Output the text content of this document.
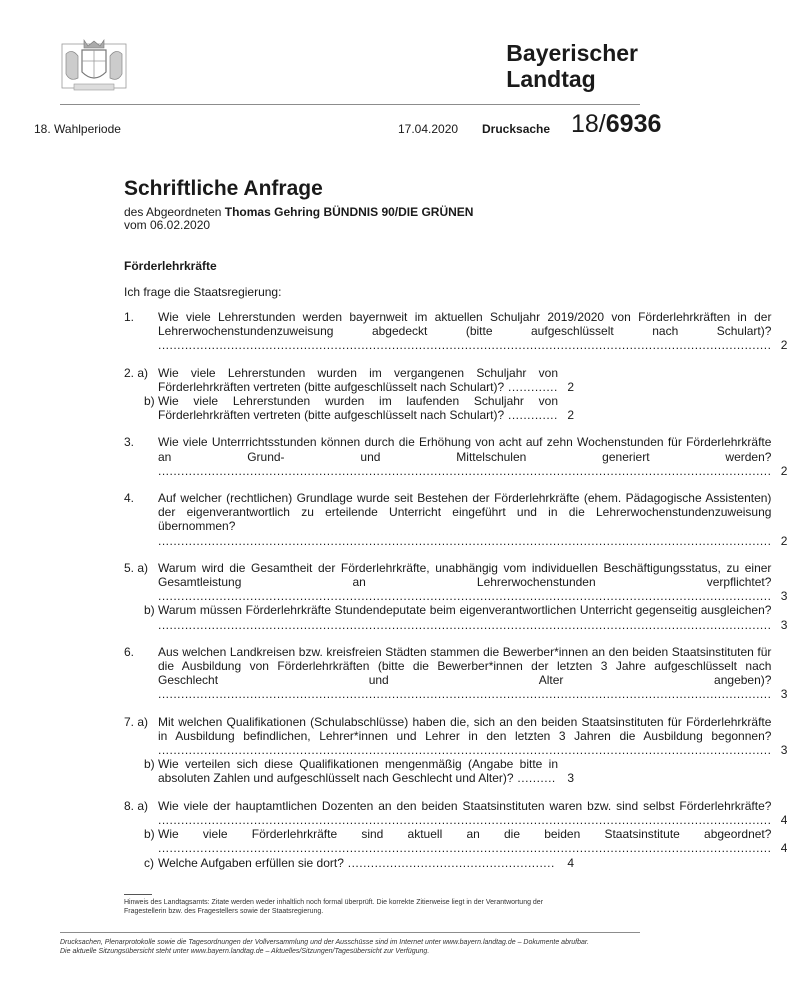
Bayerischer
Landtag
18. Wahlperiode	17.04.2020 Drucksache 18/6936
Schriftliche Anfrage
des Abgeordneten Thomas Gehring BÜNDNIS 90/DIE GRÜNEN
vom 06.02.2020
Förderlehrkräfte
Ich frage die Staatsregierung:
1.	Wie viele Lehrerstunden werden bayernweit im aktuellen Schuljahr 2019/2020 von Förderlehrkräften in der Lehrerwochenstundenzuweisung abgedeckt (bitte aufgeschlüsselt nach Schulart)? ................................................................................................................................................................ 2
2. a) Wie viele Lehrerstunden wurden im vergangenen Schuljahr von Förderlehrkräften vertreten (bitte aufgeschlüsselt nach Schulart)? ............. 2
b) Wie viele Lehrerstunden wurden im laufenden Schuljahr von Förderlehrkräften vertreten (bitte aufgeschlüsselt nach Schulart)? ............. 2
3.	Wie viele Unterrrichtsstunden können durch die Erhöhung von acht auf zehn Wochenstunden für Förderlehrkräfte an Grund- und Mittelschulen generiert werden? ................................................................................................................................................................ 2
4.	Auf welcher (rechtlichen) Grundlage wurde seit Bestehen der Förderlehrkräfte (ehem. Pädagogische Assistenten) der eigenverantwortlich zu erteilende Unterricht eingeführt und in die Lehrerwochenstundenzuweisung übernommen? ................................................................................................................................................................ 2
5. a) Warum wird die Gesamtheit der Förderlehrkräfte, unabhängig vom individuellen Beschäftigungsstatus, zu einer Gesamtleistung an Lehrerwochenstunden verpflichtet? ................................................................................................................................................................ 3
b) Warum müssen Förderlehrkräfte Stundendeputate beim eigenverantwortlichen Unterricht gegenseitig ausgleichen? ................................................................................................................................................................ 3
6.	Aus welchen Landkreisen bzw. kreisfreien Städten stammen die Bewerber*innen an den beiden Staatsinstituten für die Ausbildung von Förderlehrkräften (bitte die Bewerber*innen der letzten 3 Jahre aufgeschlüsselt nach Geschlecht und Alter angeben)? ................................................................................................................................................................ 3
7. a) Mit welchen Qualifikationen (Schulabschlüsse) haben die, sich an den beiden Staatsinstituten für Förderlehrkräfte in Ausbildung befindlichen, Lehrer*innen und Lehrer in den letzten 3 Jahren die Ausbildung begonnen? ................................................................................................................................................................ 3
b) Wie verteilen sich diese Qualifikationen mengenmäßig (Angabe bitte in absoluten Zahlen und aufgeschlüsselt nach Geschlecht und Alter)? .......... 3
8. a) Wie viele der hauptamtlichen Dozenten an den beiden Staatsinstituten waren bzw. sind selbst Förderlehrkräfte? ................................................................................................................................................................ 4
b) Wie viele Förderlehrkräfte sind aktuell an die beiden Staatsinstitute abgeordnet? ................................................................................................................................................................ 4
c) Welche Aufgaben erfüllen sie dort? ...................................................... 4
Hinweis des Landtagsamts: Zitate werden weder inhaltlich noch formal überprüft. Die korrekte Zitierweise liegt in der Verantwortung der Fragestellerin bzw. des Fragestellers sowie der Staatsregierung.
Drucksachen, Plenarprotokolle sowie die Tagesordnungen der Vollversammlung und der Ausschüsse sind im Internet unter www.bayern.landtag.de – Dokumente abrufbar.
Die aktuelle Sitzungsübersicht steht unter www.bayern.landtag.de – Aktuelles/Sitzungen/Tagesübersicht zur Verfügung.
